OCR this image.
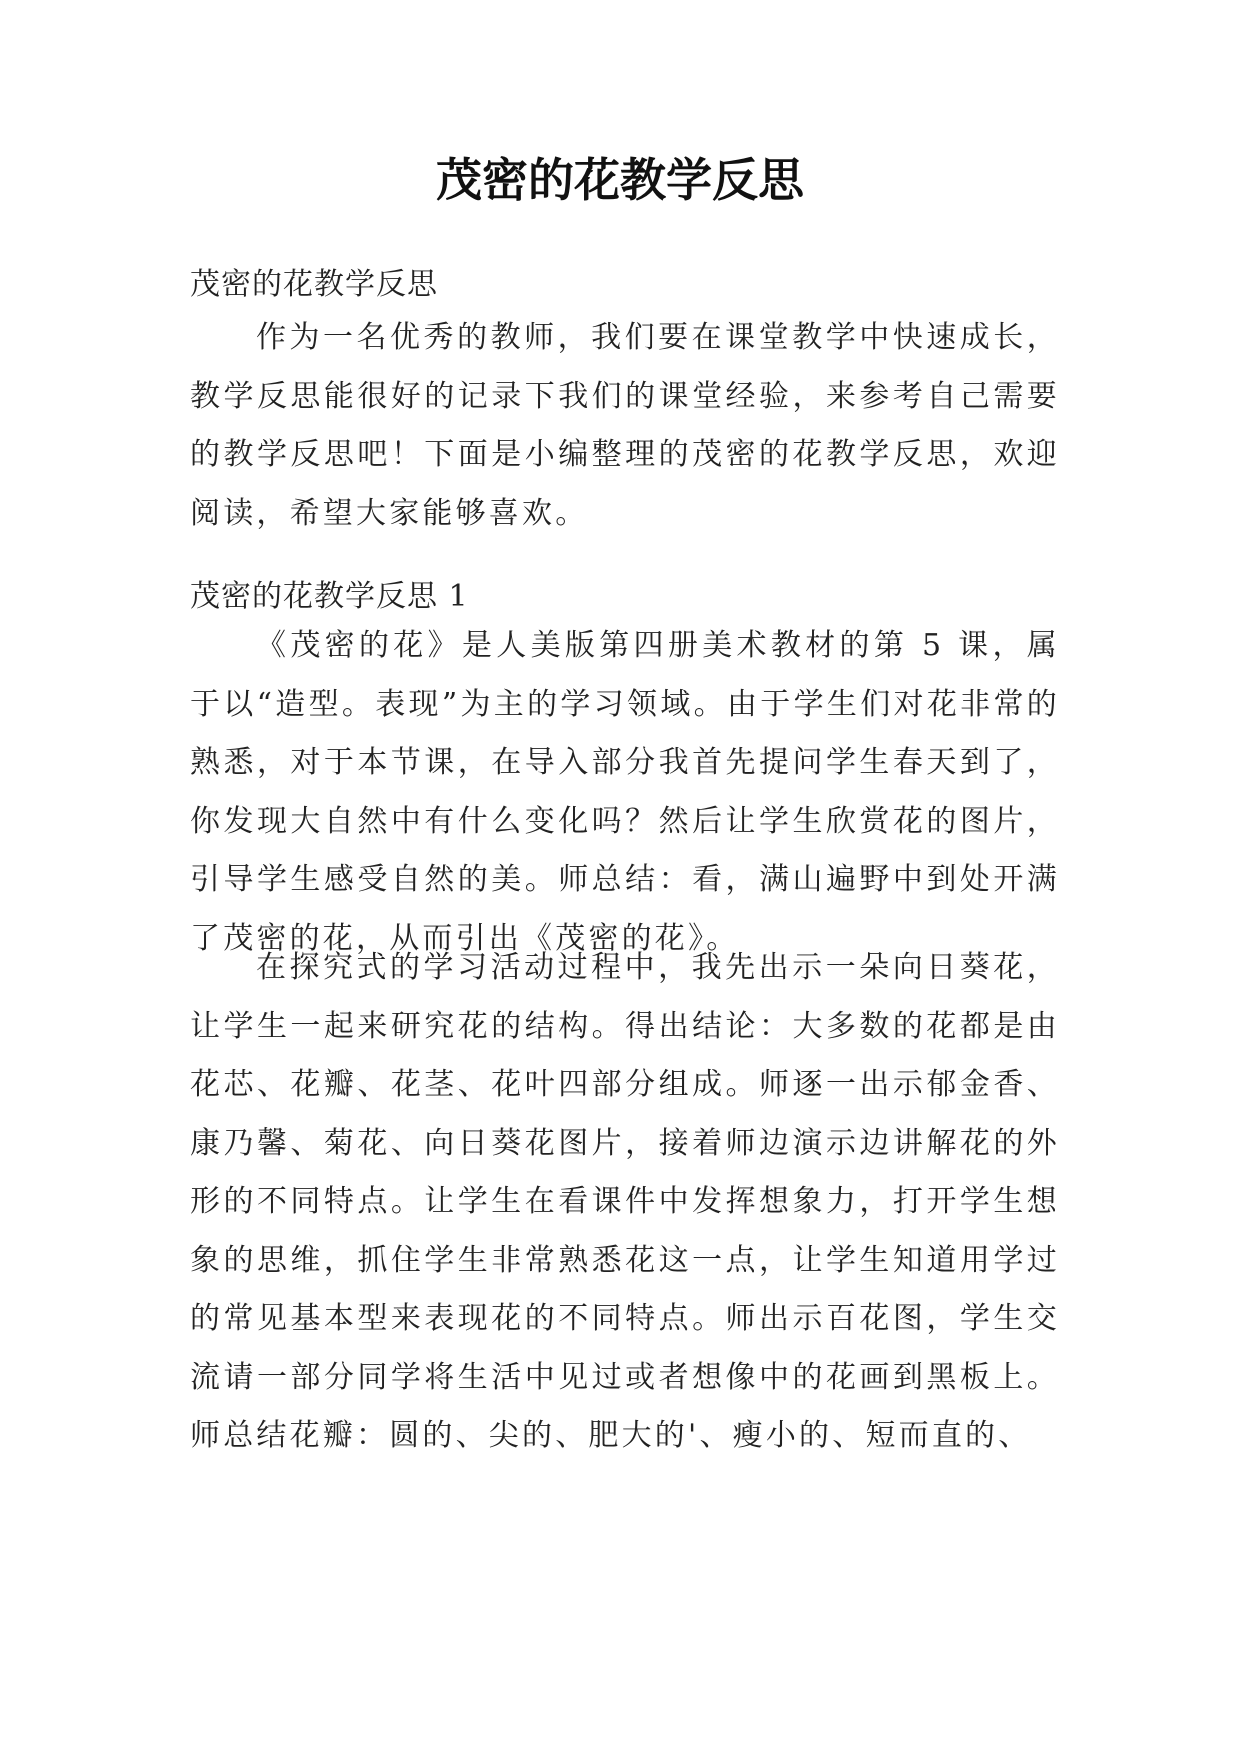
茂密的花教学反思
茂密的花教学反思

作为一名优秀的教师，我们要在课堂教学中快速成长，教学反思能很好的记录下我们的课堂经验，来参考自己需要的教学反思吧！下面是小编整理的茂密的花教学反思，欢迎阅读，希望大家能够喜欢。

茂密的花教学反思 1

《茂密的花》是人美版第四册美术教材的第 5 课，属于以“造型。表现”为主的学习领域。由于学生们对花非常的熟悉，对于本节课，在导入部分我首先提问学生春天到了，你发现大自然中有什么变化吗？然后让学生欣赏花的图片，引导学生感受自然的美。师总结：看，满山遍野中到处开满了茂密的花，从而引出《茂密的花》。

在探究式的学习活动过程中，我先出示一朵向日葵花，让学生一起来研究花的结构。得出结论：大多数的花都是由花芯、花瓣、花茎、花叶四部分组成。师逐一出示郁金香、康乃馨、菊花、向日葵花图片，接着师边演示边讲解花的外形的不同特点。让学生在看课件中发挥想象力，打开学生想象的思维，抓住学生非常熟悉花这一点，让学生知道用学过的常见基本型来表现花的不同特点。师出示百花图，学生交流请一部分同学将生活中见过或者想像中的花画到黑板上。师总结花瓣：圆的、尖的、肥大的'、瘦小的、短而直的、
